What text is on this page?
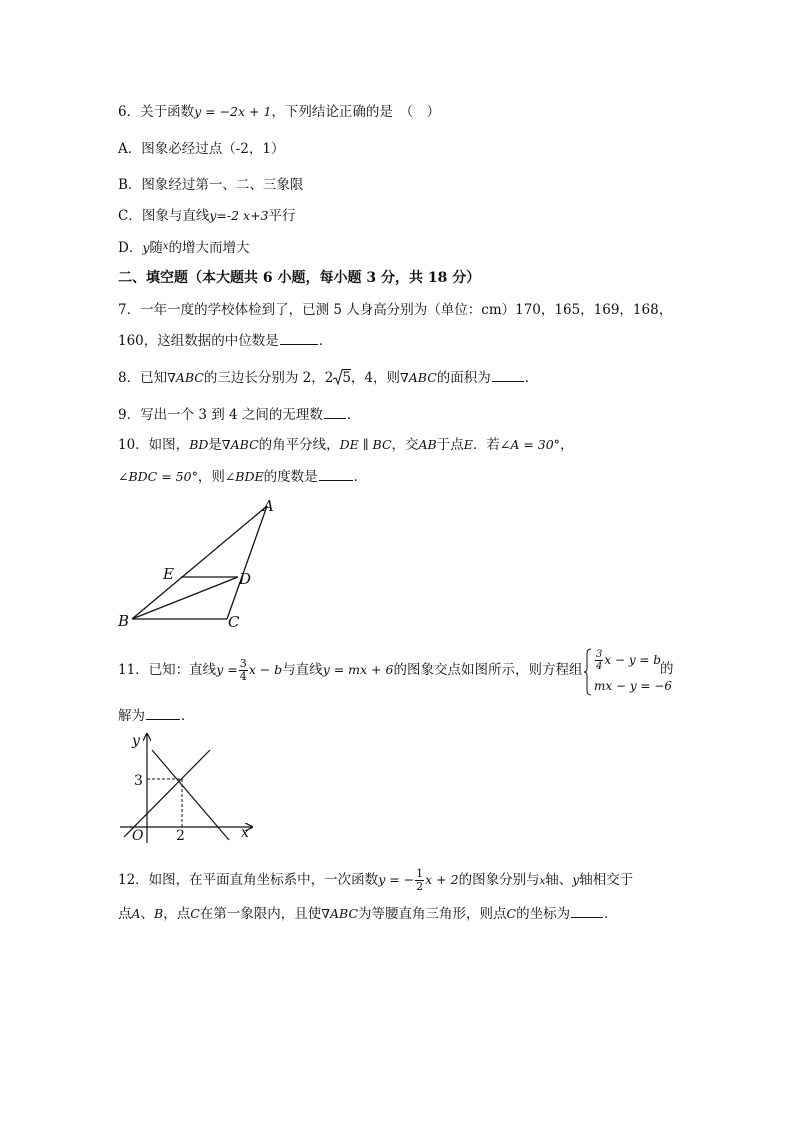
6．关于函数y = −2x + 1，下列结论正确的是　（　）
A．图象必经过点（-2，1）
B．图象经过第一、二、三象限
C．图象与直线y=-2 x+3平行
D．y随$^x$的增大而增大
二、填空题（本大题共 6 小题，每小题 3 分，共 18 分）
7．一年一度的学校体检到了，已测 5 人身高分别为（单位：cm）170，165，169，168，
160，这组数据的中位数是	．
8．已知∇ABC的三边长分别为 2，2 5，4，则∇ABC的面积为	．
9．写出一个 3 到 4 之间的无理数 ．
10．如图，BD是∇ABC的角平分线，DE ∥ BC，交AB于点E．若∠A = 30°，
∠BDC = 50°，则∠BDE的度数是	．
A
B	C
D
E
11．已知：直线$y = \frac{3}{4}$ x − b与直线y = mx + 6的图象交点如图所示，则方程组 $\frac{3}{4}$ x − y = b
mx − y = −6
的
解为	．
y
x
O
3
2
12．如图，在平面直角坐标系中，一次函数y = − $\frac{1}{2}$ x + 2的图象分别与x轴、y轴相交于
点A、B，点C在第一象限内，且使∇ABC为等腰直角三角形，则点C的坐标为	．
